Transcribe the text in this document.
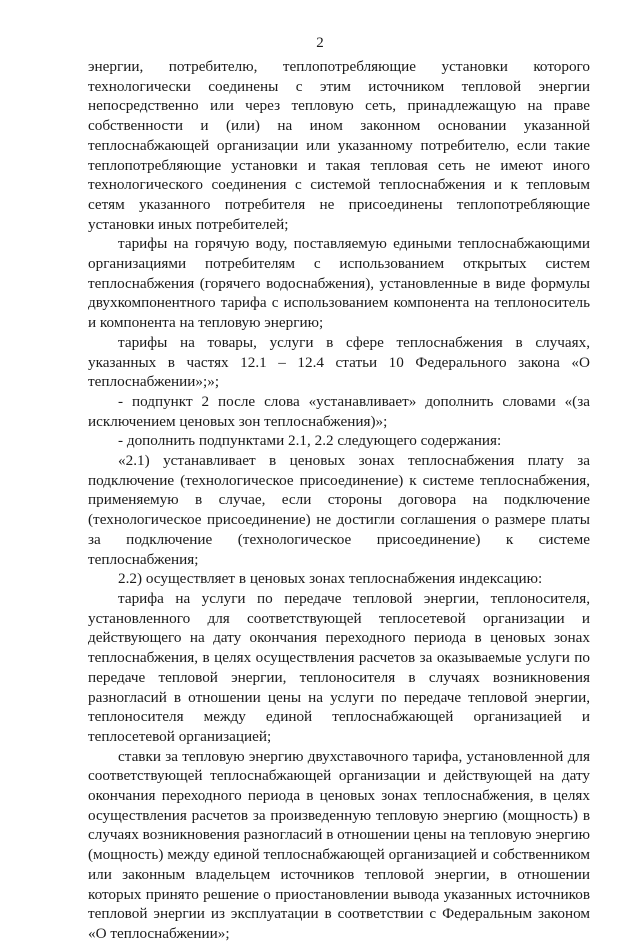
2

энергии, потребителю, теплопотребляющие установки которого технологически соединены с этим источником тепловой энергии непосредственно или через тепловую сеть, принадлежащую на праве собственности и (или) на ином законном основании указанной теплоснабжающей организации или указанному потребителю, если такие теплопотребляющие установки и такая тепловая сеть не имеют иного технологического соединения с системой теплоснабжения и к тепловым сетям указанного потребителя не присоединены теплопотребляющие установки иных потребителей;

тарифы на горячую воду, поставляемую едиными теплоснабжающими организациями потребителям с использованием открытых систем теплоснабжения (горячего водоснабжения), установленные в виде формулы двухкомпонентного тарифа с использованием компонента на теплоноситель и компонента на тепловую энергию;

тарифы на товары, услуги в сфере теплоснабжения в случаях, указанных в частях 12.1 – 12.4 статьи 10 Федерального закона «О теплоснабжении»;»;

- подпункт 2 после слова «устанавливает» дополнить словами «(за исключением ценовых зон теплоснабжения)»;

- дополнить подпунктами 2.1, 2.2 следующего содержания:

«2.1) устанавливает в ценовых зонах теплоснабжения плату за подключение (технологическое присоединение) к системе теплоснабжения, применяемую в случае, если стороны договора на подключение (технологическое присоединение) не достигли соглашения о размере платы за подключение (технологическое присоединение) к системе теплоснабжения;

2.2) осуществляет в ценовых зонах теплоснабжения индексацию:

тарифа на услуги по передаче тепловой энергии, теплоносителя, установленного для соответствующей теплосетевой организации и действующего на дату окончания переходного периода в ценовых зонах теплоснабжения, в целях осуществления расчетов за оказываемые услуги по передаче тепловой энергии, теплоносителя в случаях возникновения разногласий в отношении цены на услуги по передаче тепловой энергии, теплоносителя между единой теплоснабжающей организацией и теплосетевой организацией;

ставки за тепловую энергию двухставочного тарифа, установленной для соответствующей теплоснабжающей организации и действующей на дату окончания переходного периода в ценовых зонах теплоснабжения, в целях осуществления расчетов за произведенную тепловую энергию (мощность) в случаях возникновения разногласий в отношении цены на тепловую энергию (мощность) между единой теплоснабжающей организацией и собственником или законным владельцем источников тепловой энергии, в отношении которых принято решение о приостановлении вывода указанных источников тепловой энергии из эксплуатации в соответствии с Федеральным законом «О теплоснабжении»;
